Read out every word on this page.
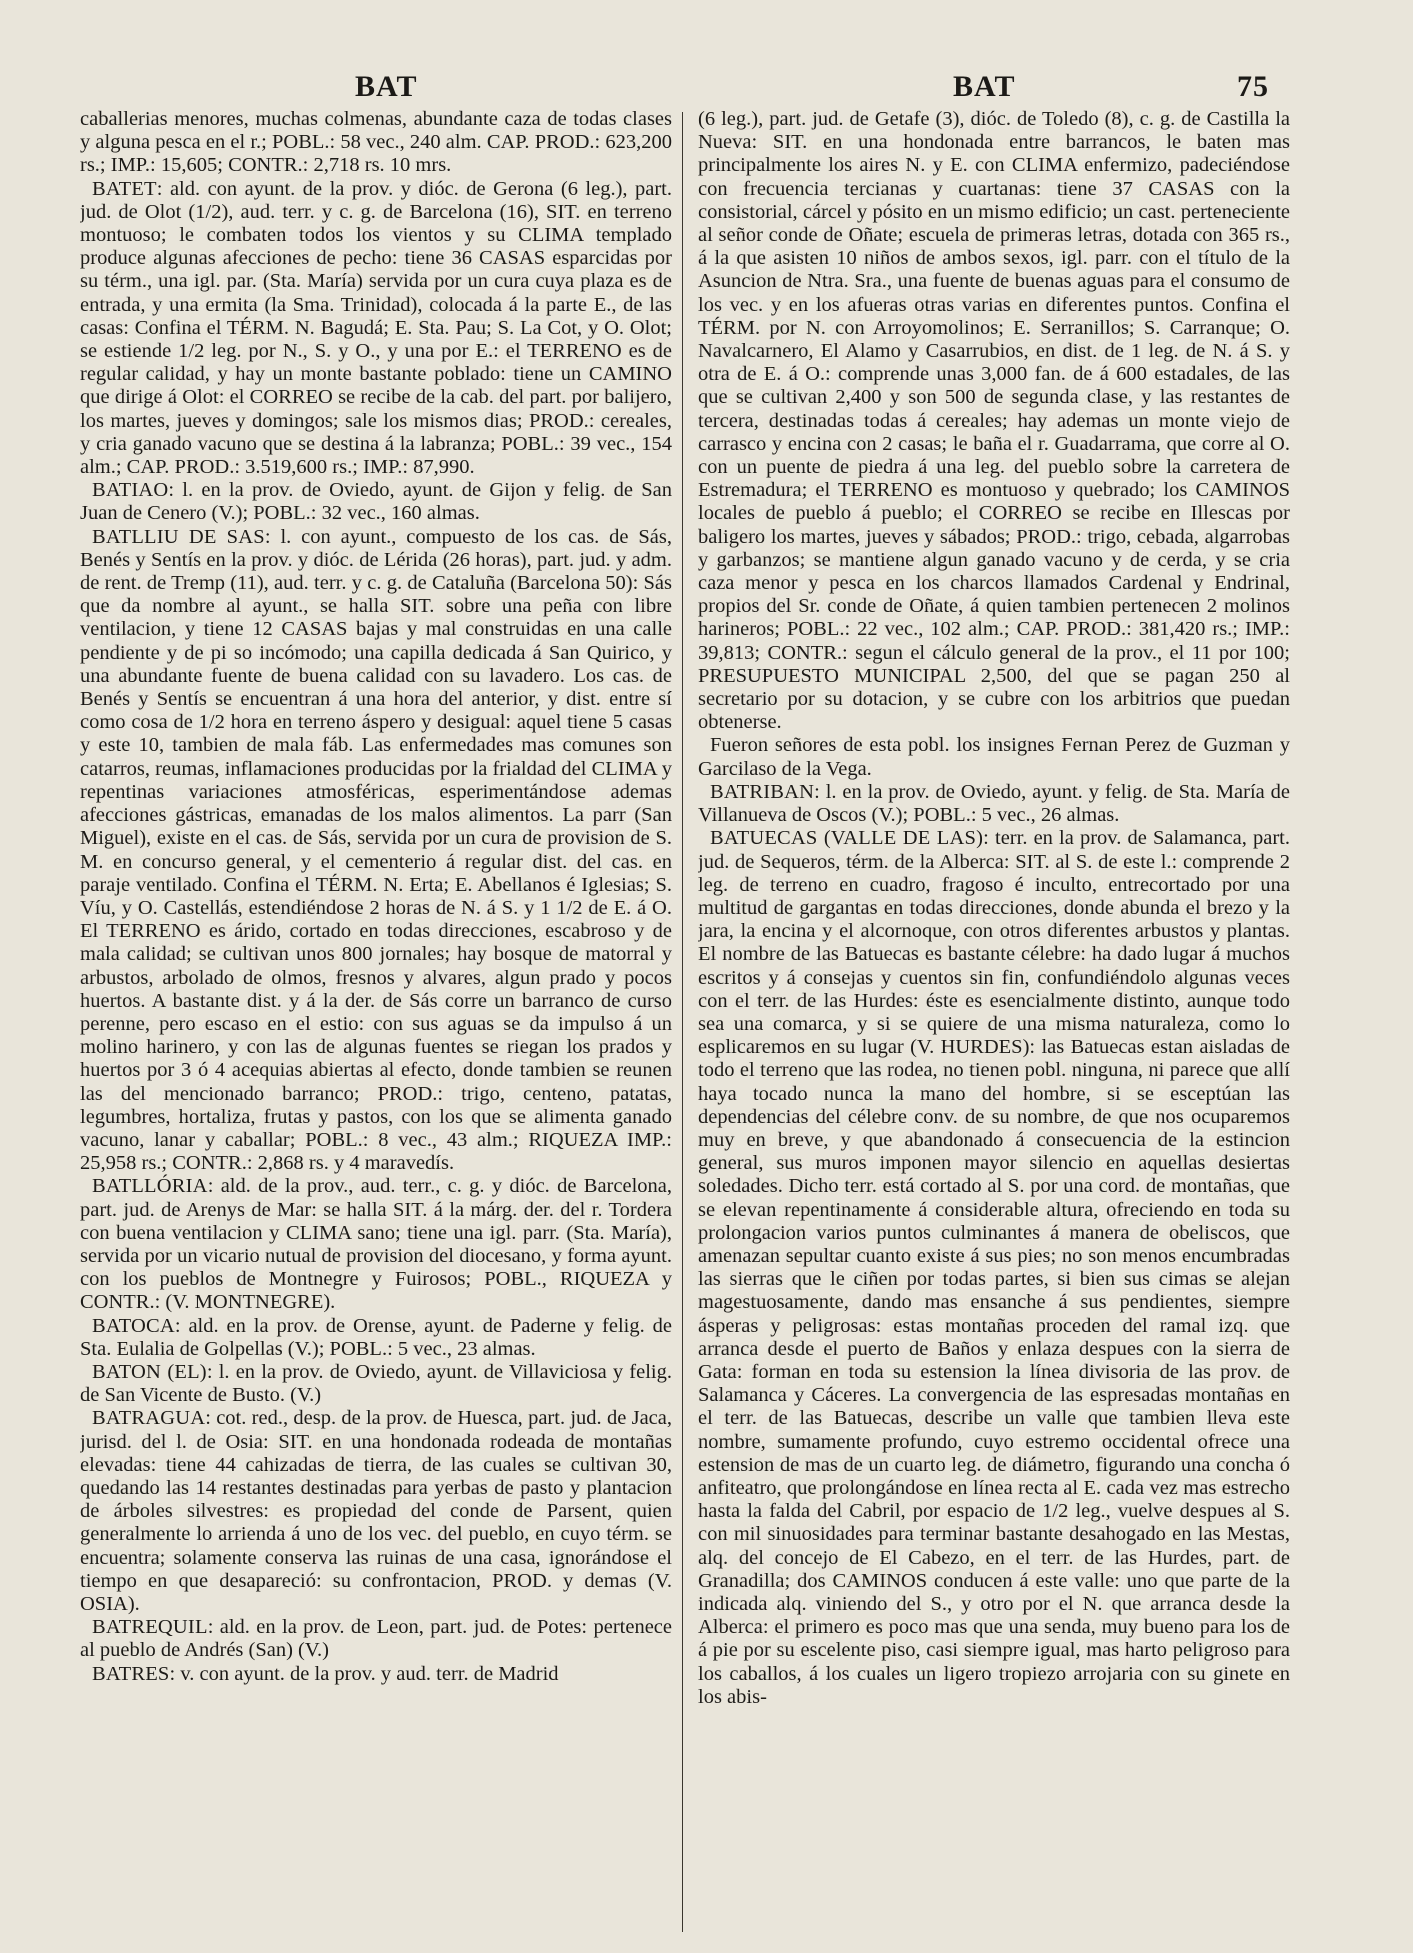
BAT	BAT	75

caballerias menores, muchas colmenas, abundante caza de todas clases y alguna pesca en el r.; POBL.: 58 vec., 240 alm. CAP. PROD.: 623,200 rs.; IMP.: 15,605; CONTR.: 2,718 rs. 10 mrs.

BATET: ald. con ayunt. de la prov. y dióc. de Gerona (6 leg.), part. jud. de Olot (1/2), aud. terr. y c. g. de Barcelona (16), SIT. en terreno montuoso; le combaten todos los vientos y su CLIMA templado produce algunas afecciones de pecho: tiene 36 CASAS esparcidas por su térm., una igl. par. (Sta. María) servida por un cura cuya plaza es de entrada, y una ermita (la Sma. Trinidad), colocada á la parte E., de las casas: Confina el TÉRM. N. Bagudá; E. Sta. Pau; S. La Cot, y O. Olot; se estiende 1/2 leg. por N., S. y O., y una por E.: el TERRENO es de regular calidad, y hay un monte bastante poblado: tiene un CAMINO que dirige á Olot: el CORREO se recibe de la cab. del part. por balijero, los martes, jueves y domingos; sale los mismos dias; PROD.: cereales, y cria ganado vacuno que se destina á la labranza; POBL.: 39 vec., 154 alm.; CAP. PROD.: 3.519,600 rs.; IMP.: 87,990.

BATIAO: l. en la prov. de Oviedo, ayunt. de Gijon y felig. de San Juan de Cenero (V.); POBL.: 32 vec., 160 almas.

BATLLIU DE SAS: l. con ayunt., compuesto de los cas. de Sás, Benés y Sentís en la prov. y dióc. de Lérida (26 horas), part. jud. y adm. de rent. de Tremp (11), aud. terr. y c. g. de Cataluña (Barcelona 50): Sás que da nombre al ayunt., se halla SIT. sobre una peña con libre ventilacion, y tiene 12 CASAS bajas y mal construidas en una calle pendiente y de pi so incómodo; una capilla dedicada á San Quirico, y una abundante fuente de buena calidad con su lavadero. Los cas. de Benés y Sentís se encuentran á una hora del anterior, y dist. entre sí como cosa de 1/2 hora en terreno áspero y desigual: aquel tiene 5 casas y este 10, tambien de mala fáb. Las enfermedades mas comunes son catarros, reumas, inflamaciones producidas por la frialdad del CLIMA y repentinas variaciones atmosféricas, esperimentándose ademas afecciones gástricas, emanadas de los malos alimentos. La parr (San Miguel), existe en el cas. de Sás, servida por un cura de provision de S. M. en concurso general, y el cementerio á regular dist. del cas. en paraje ventilado. Confina el TÉRM. N. Erta; E. Abellanos é Iglesias; S. Víu, y O. Castellás, estendiéndose 2 horas de N. á S. y 1 1/2 de E. á O. El TERRENO es árido, cortado en todas direcciones, escabroso y de mala calidad; se cultivan unos 800 jornales; hay bosque de matorral y arbustos, arbolado de olmos, fresnos y alvares, algun prado y pocos huertos. A bastante dist. y á la der. de Sás corre un barranco de curso perenne, pero escaso en el estio: con sus aguas se da impulso á un molino harinero, y con las de algunas fuentes se riegan los prados y huertos por 3 ó 4 acequias abiertas al efecto, donde tambien se reunen las del mencionado barranco; PROD.: trigo, centeno, patatas, legumbres, hortaliza, frutas y pastos, con los que se alimenta ganado vacuno, lanar y caballar; POBL.: 8 vec., 43 alm.; RIQUEZA IMP.: 25,958 rs.; CONTR.: 2,868 rs. y 4 maravedís.

BATLLÓRIA: ald. de la prov., aud. terr., c. g. y dióc. de Barcelona, part. jud. de Arenys de Mar: se halla SIT. á la márg. der. del r. Tordera con buena ventilacion y CLIMA sano; tiene una igl. parr. (Sta. María), servida por un vicario nutual de provision del diocesano, y forma ayunt. con los pueblos de Montnegre y Fuirosos; POBL., RIQUEZA y CONTR.: (V. MONTNEGRE).

BATOCA: ald. en la prov. de Orense, ayunt. de Paderne y felig. de Sta. Eulalia de Golpellas (V.); POBL.: 5 vec., 23 almas.

BATON (EL): l. en la prov. de Oviedo, ayunt. de Villaviciosa y felig. de San Vicente de Busto. (V.)

BATRAGUA: cot. red., desp. de la prov. de Huesca, part. jud. de Jaca, jurisd. del l. de Osia: SIT. en una hondonada rodeada de montañas elevadas: tiene 44 cahizadas de tierra, de las cuales se cultivan 30, quedando las 14 restantes destinadas para yerbas de pasto y plantacion de árboles silvestres: es propiedad del conde de Parsent, quien generalmente lo arrienda á uno de los vec. del pueblo, en cuyo térm. se encuentra; solamente conserva las ruinas de una casa, ignorándose el tiempo en que desapareció: su confrontacion, PROD. y demas (V. OSIA).

BATREQUIL: ald. en la prov. de Leon, part. jud. de Potes: pertenece al pueblo de Andrés (San) (V.)

BATRES: v. con ayunt. de la prov. y aud. terr. de Madrid

(6 leg.), part. jud. de Getafe (3), dióc. de Toledo (8), c. g. de Castilla la Nueva: SIT. en una hondonada entre barrancos, le baten mas principalmente los aires N. y E. con CLIMA enfermizo, padeciéndose con frecuencia tercianas y cuartanas: tiene 37 CASAS con la consistorial, cárcel y pósito en un mismo edificio; un cast. perteneciente al señor conde de Oñate; escuela de primeras letras, dotada con 365 rs., á la que asisten 10 niños de ambos sexos, igl. parr. con el título de la Asuncion de Ntra. Sra., una fuente de buenas aguas para el consumo de los vec. y en los afueras otras varias en diferentes puntos. Confina el TÉRM. por N. con Arroyomolinos; E. Serranillos; S. Carranque; O. Navalcarnero, El Alamo y Casarrubios, en dist. de 1 leg. de N. á S. y otra de E. á O.: comprende unas 3,000 fan. de á 600 estadales, de las que se cultivan 2,400 y son 500 de segunda clase, y las restantes de tercera, destinadas todas á cereales; hay ademas un monte viejo de carrasco y encina con 2 casas; le baña el r. Guadarrama, que corre al O. con un puente de piedra á una leg. del pueblo sobre la carretera de Estremadura; el TERRENO es montuoso y quebrado; los CAMINOS locales de pueblo á pueblo; el CORREO se recibe en Illescas por baligero los martes, jueves y sábados; PROD.: trigo, cebada, algarrobas y garbanzos; se mantiene algun ganado vacuno y de cerda, y se cria caza menor y pesca en los charcos llamados Cardenal y Endrinal, propios del Sr. conde de Oñate, á quien tambien pertenecen 2 molinos harineros; POBL.: 22 vec., 102 alm.; CAP. PROD.: 381,420 rs.; IMP.: 39,813; CONTR.: segun el cálculo general de la prov., el 11 por 100; PRESUPUESTO MUNICIPAL 2,500, del que se pagan 250 al secretario por su dotacion, y se cubre con los arbitrios que puedan obtenerse.

Fueron señores de esta pobl. los insignes Fernan Perez de Guzman y Garcilaso de la Vega.

BATRIBAN: l. en la prov. de Oviedo, ayunt. y felig. de Sta. María de Villanueva de Oscos (V.); POBL.: 5 vec., 26 almas.

BATUECAS (VALLE DE LAS): terr. en la prov. de Salamanca, part. jud. de Sequeros, térm. de la Alberca: SIT. al S. de este l.: comprende 2 leg. de terreno en cuadro, fragoso é inculto, entrecortado por una multitud de gargantas en todas direcciones, donde abunda el brezo y la jara, la encina y el alcornoque, con otros diferentes arbustos y plantas. El nombre de las Batuecas es bastante célebre: ha dado lugar á muchos escritos y á consejas y cuentos sin fin, confundiéndolo algunas veces con el terr. de las Hurdes: éste es esencialmente distinto, aunque todo sea una comarca, y si se quiere de una misma naturaleza, como lo esplicaremos en su lugar (V. HURDES): las Batuecas estan aisladas de todo el terreno que las rodea, no tienen pobl. ninguna, ni parece que allí haya tocado nunca la mano del hombre, si se esceptúan las dependencias del célebre conv. de su nombre, de que nos ocuparemos muy en breve, y que abandonado á consecuencia de la estincion general, sus muros imponen mayor silencio en aquellas desiertas soledades. Dicho terr. está cortado al S. por una cord. de montañas, que se elevan repentinamente á considerable altura, ofreciendo en toda su prolongacion varios puntos culminantes á manera de obeliscos, que amenazan sepultar cuanto existe á sus pies; no son menos encumbradas las sierras que le ciñen por todas partes, si bien sus cimas se alejan magestuosamente, dando mas ensanche á sus pendientes, siempre ásperas y peligrosas: estas montañas proceden del ramal izq. que arranca desde el puerto de Baños y enlaza despues con la sierra de Gata: forman en toda su estension la línea divisoria de las prov. de Salamanca y Cáceres. La convergencia de las espresadas montañas en el terr. de las Batuecas, describe un valle que tambien lleva este nombre, sumamente profundo, cuyo estremo occidental ofrece una estension de mas de un cuarto leg. de diámetro, figurando una concha ó anfiteatro, que prolongándose en línea recta al E. cada vez mas estrecho hasta la falda del Cabril, por espacio de 1/2 leg., vuelve despues al S. con mil sinuosidades para terminar bastante desahogado en las Mestas, alq. del concejo de El Cabezo, en el terr. de las Hurdes, part. de Granadilla; dos CAMINOS conducen á este valle: uno que parte de la indicada alq. viniendo del S., y otro por el N. que arranca desde la Alberca: el primero es poco mas que una senda, muy bueno para los de á pie por su escelente piso, casi siempre igual, mas harto peligroso para los caballos, á los cuales un ligero tropiezo arrojaria con su ginete en los abis-
